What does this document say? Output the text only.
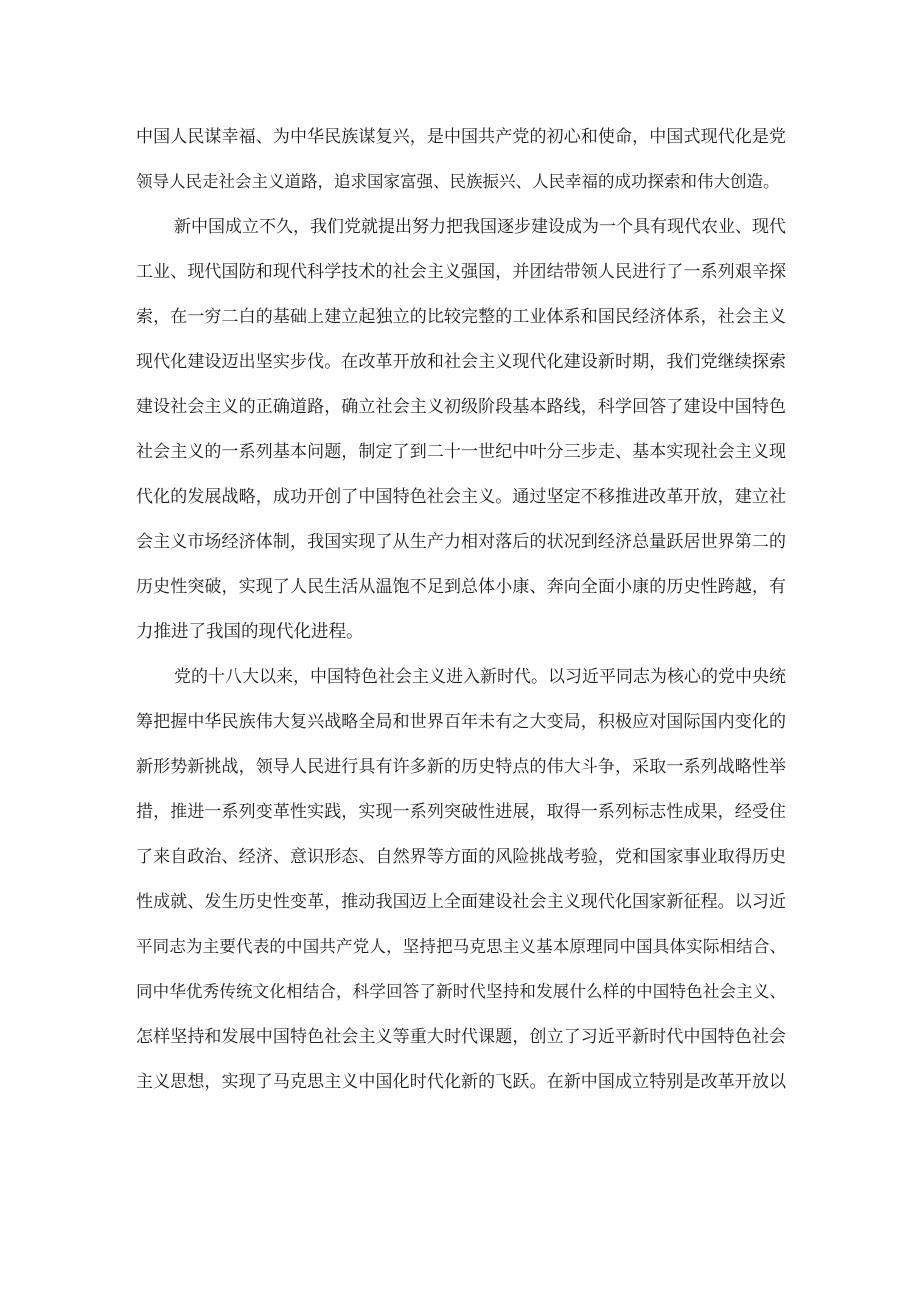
中国人民谋幸福、为中华民族谋复兴，是中国共产党的初心和使命，中国式现代化是党

领导人民走社会主义道路，追求国家富强、民族振兴、人民幸福的成功探索和伟大创造。

新中国成立不久，我们党就提出努力把我国逐步建设成为一个具有现代农业、现代

工业、现代国防和现代科学技术的社会主义强国，并团结带领人民进行了一系列艰辛探

索，在一穷二白的基础上建立起独立的比较完整的工业体系和国民经济体系，社会主义

现代化建设迈出坚实步伐。在改革开放和社会主义现代化建设新时期，我们党继续探索

建设社会主义的正确道路，确立社会主义初级阶段基本路线，科学回答了建设中国特色

社会主义的一系列基本问题，制定了到二十一世纪中叶分三步走、基本实现社会主义现

代化的发展战略，成功开创了中国特色社会主义。通过坚定不移推进改革开放，建立社

会主义市场经济体制，我国实现了从生产力相对落后的状况到经济总量跃居世界第二的

历史性突破，实现了人民生活从温饱不足到总体小康、奔向全面小康的历史性跨越，有

力推进了我国的现代化进程。

党的十八大以来，中国特色社会主义进入新时代。以习近平同志为核心的党中央统

筹把握中华民族伟大复兴战略全局和世界百年未有之大变局，积极应对国际国内变化的

新形势新挑战，领导人民进行具有许多新的历史特点的伟大斗争，采取一系列战略性举

措，推进一系列变革性实践，实现一系列突破性进展，取得一系列标志性成果，经受住

了来自政治、经济、意识形态、自然界等方面的风险挑战考验，党和国家事业取得历史

性成就、发生历史性变革，推动我国迈上全面建设社会主义现代化国家新征程。以习近

平同志为主要代表的中国共产党人，坚持把马克思主义基本原理同中国具体实际相结合、

同中华优秀传统文化相结合，科学回答了新时代坚持和发展什么样的中国特色社会主义、

怎样坚持和发展中国特色社会主义等重大时代课题，创立了习近平新时代中国特色社会

主义思想，实现了马克思主义中国化时代化新的飞跃。在新中国成立特别是改革开放以
